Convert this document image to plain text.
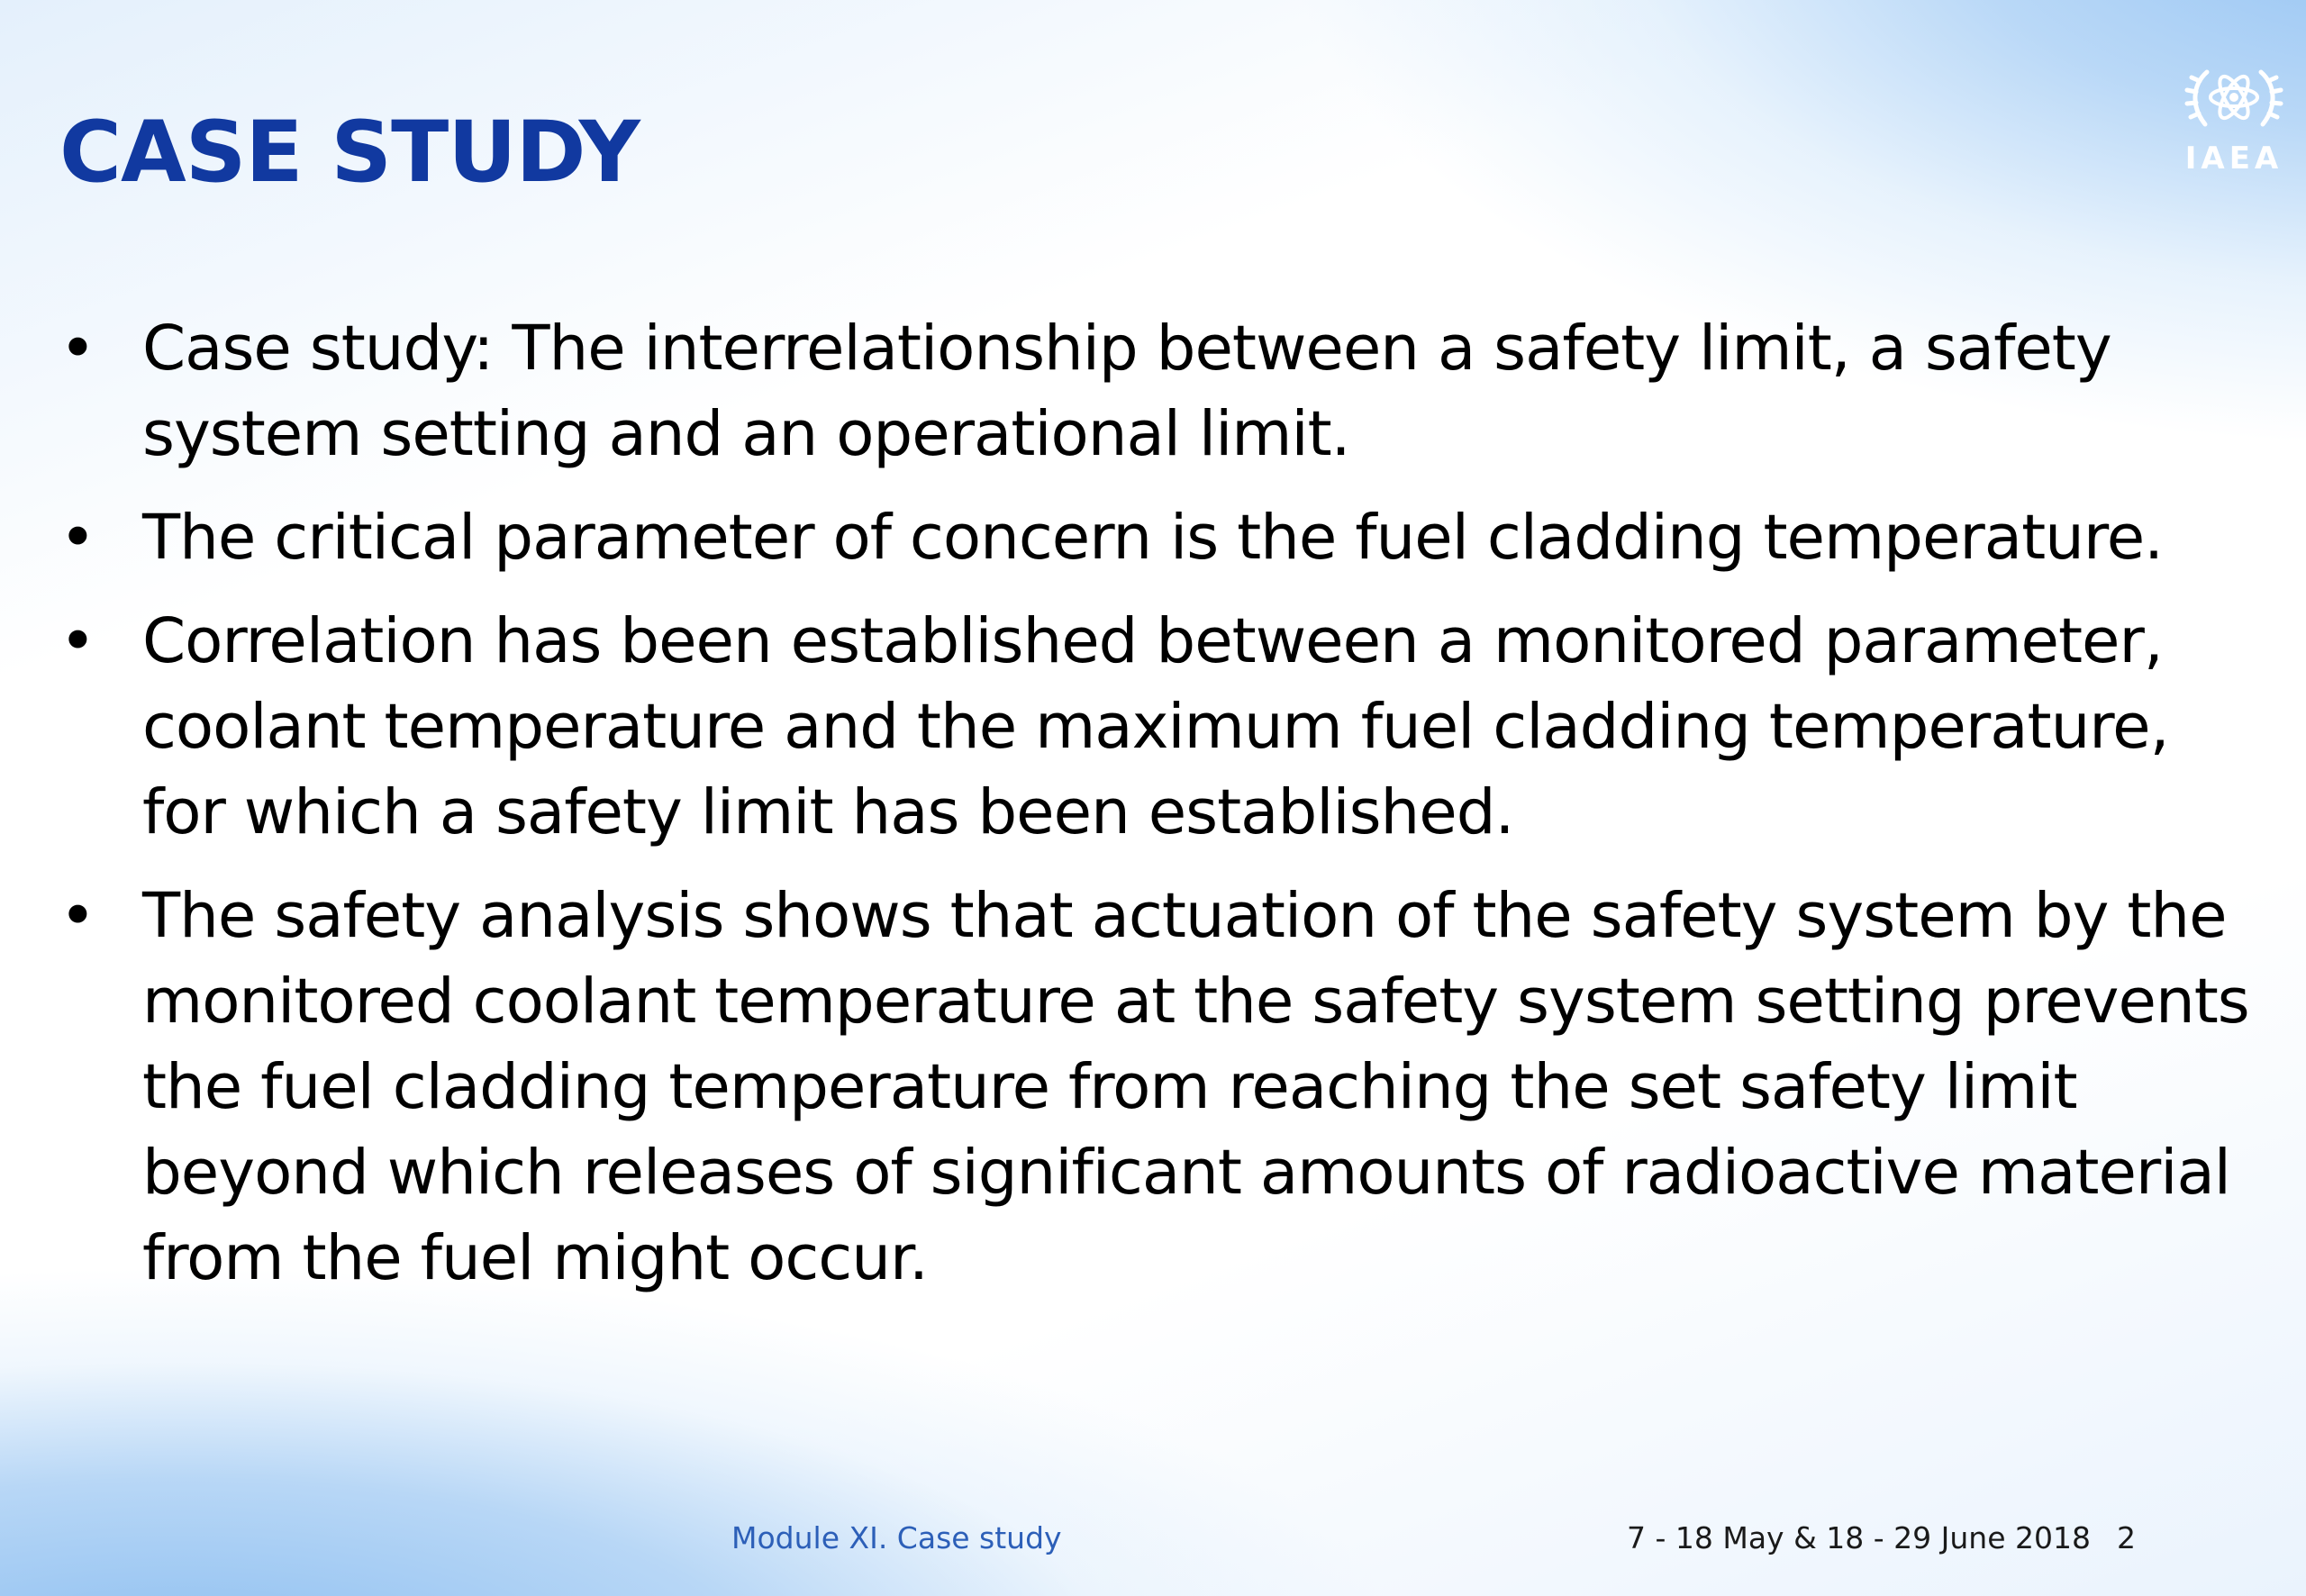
CASE STUDY	IAEA
• Case study: The interrelationship between a safety limit, a safety system setting and an operational limit.
• The critical parameter of concern is the fuel cladding temperature.
• Correlation has been established between a monitored parameter, coolant temperature and the maximum fuel cladding temperature, for which a safety limit has been established.
• The safety analysis shows that actuation of the safety system by the monitored coolant temperature at the safety system setting prevents the fuel cladding temperature from reaching the set safety limit beyond which releases of significant amounts of radioactive material from the fuel might occur.
Module XI. Case study	7 - 18 May & 18 - 29 June 2018 2
